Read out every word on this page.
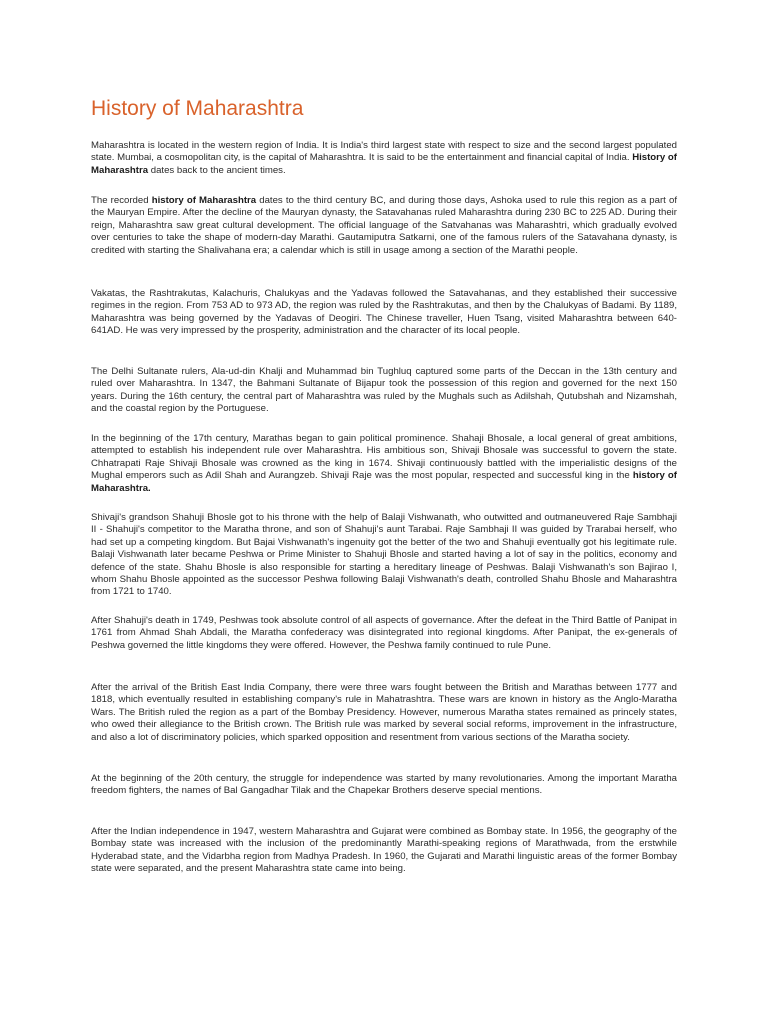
History of Maharashtra

Maharashtra is located in the western region of India. It is India's third largest state with respect to size and the second largest populated state. Mumbai, a cosmopolitan city, is the capital of Maharashtra. It is said to be the entertainment and financial capital of India. History of Maharashtra dates back to the ancient times.

The recorded history of Maharashtra dates to the third century BC, and during those days, Ashoka used to rule this region as a part of the Mauryan Empire. After the decline of the Mauryan dynasty, the Satavahanas ruled Maharashtra during 230 BC to 225 AD. During their reign, Maharashtra saw great cultural development. The official language of the Satvahanas was Maharashtri, which gradually evolved over centuries to take the shape of modern-day Marathi. Gautamiputra Satkarni, one of the famous rulers of the Satavahana dynasty, is credited with starting the Shalivahana era; a calendar which is still in usage among a section of the Marathi people.

Vakatas, the Rashtrakutas, Kalachuris, Chalukyas and the Yadavas followed the Satavahanas, and they established their successive regimes in the region. From 753 AD to 973 AD, the region was ruled by the Rashtrakutas, and then by the Chalukyas of Badami. By 1189, Maharashtra was being governed by the Yadavas of Deogiri. The Chinese traveller, Huen Tsang, visited Maharashtra between 640- 641AD. He was very impressed by the prosperity, administration and the character of its local people.

The Delhi Sultanate rulers, Ala-ud-din Khalji and Muhammad bin Tughluq captured some parts of the Deccan in the 13th century and ruled over Maharashtra. In 1347, the Bahmani Sultanate of Bijapur took the possession of this region and governed for the next 150 years. During the 16th century, the central part of Maharashtra was ruled by the Mughals such as Adilshah, Qutubshah and Nizamshah, and the coastal region by the Portuguese.

In the beginning of the 17th century, Marathas began to gain political prominence. Shahaji Bhosale, a local general of great ambitions, attempted to establish his independent rule over Maharashtra. His ambitious son, Shivaji Bhosale was successful to govern the state. Chhatrapati Raje Shivaji Bhosale was crowned as the king in 1674. Shivaji continuously battled with the imperialistic designs of the Mughal emperors such as Adil Shah and Aurangzeb. Shivaji Raje was the most popular, respected and successful king in the history of Maharashtra.

Shivaji's grandson Shahuji Bhosle got to his throne with the help of Balaji Vishwanath, who outwitted and outmaneuvered Raje Sambhaji II - Shahuji's competitor to the Maratha throne, and son of Shahuji's aunt Tarabai. Raje Sambhaji II was guided by Trarabai herself, who had set up a competing kingdom. But Bajai Vishwanath's ingenuity got the better of the two and Shahuji eventually got his legitimate rule. Balaji Vishwanath later became Peshwa or Prime Minister to Shahuji Bhosle and started having a lot of say in the politics, economy and defence of the state. Shahu Bhosle is also responsible for starting a hereditary lineage of Peshwas. Balaji Vishwanath's son Bajirao I, whom Shahu Bhosle appointed as the successor Peshwa following Balaji Vishwanath's death, controlled Shahu Bhosle and Maharashtra from 1721 to 1740.

After Shahuji's death in 1749, Peshwas took absolute control of all aspects of governance. After the defeat in the Third Battle of Panipat in 1761 from Ahmad Shah Abdali, the Maratha confederacy was disintegrated into regional kingdoms. After Panipat, the ex-generals of Peshwa governed the little kingdoms they were offered. However, the Peshwa family continued to rule Pune.

After the arrival of the British East India Company, there were three wars fought between the British and Marathas between 1777 and 1818, which eventually resulted in establishing company's rule in Mahatrashtra. These wars are known in history as the Anglo-Maratha Wars. The British ruled the region as a part of the Bombay Presidency. However, numerous Maratha states remained as princely states, who owed their allegiance to the British crown. The British rule was marked by several social reforms, improvement in the infrastructure, and also a lot of discriminatory policies, which sparked opposition and resentment from various sections of the Maratha society.

At the beginning of the 20th century, the struggle for independence was started by many revolutionaries. Among the important Maratha freedom fighters, the names of Bal Gangadhar Tilak and the Chapekar Brothers deserve special mentions.

After the Indian independence in 1947, western Maharashtra and Gujarat were combined as Bombay state. In 1956, the geography of the Bombay state was increased with the inclusion of the predominantly Marathi-speaking regions of Marathwada, from the erstwhile Hyderabad state, and the Vidarbha region from Madhya Pradesh. In 1960, the Gujarati and Marathi linguistic areas of the former Bombay state were separated, and the present Maharashtra state came into being.
